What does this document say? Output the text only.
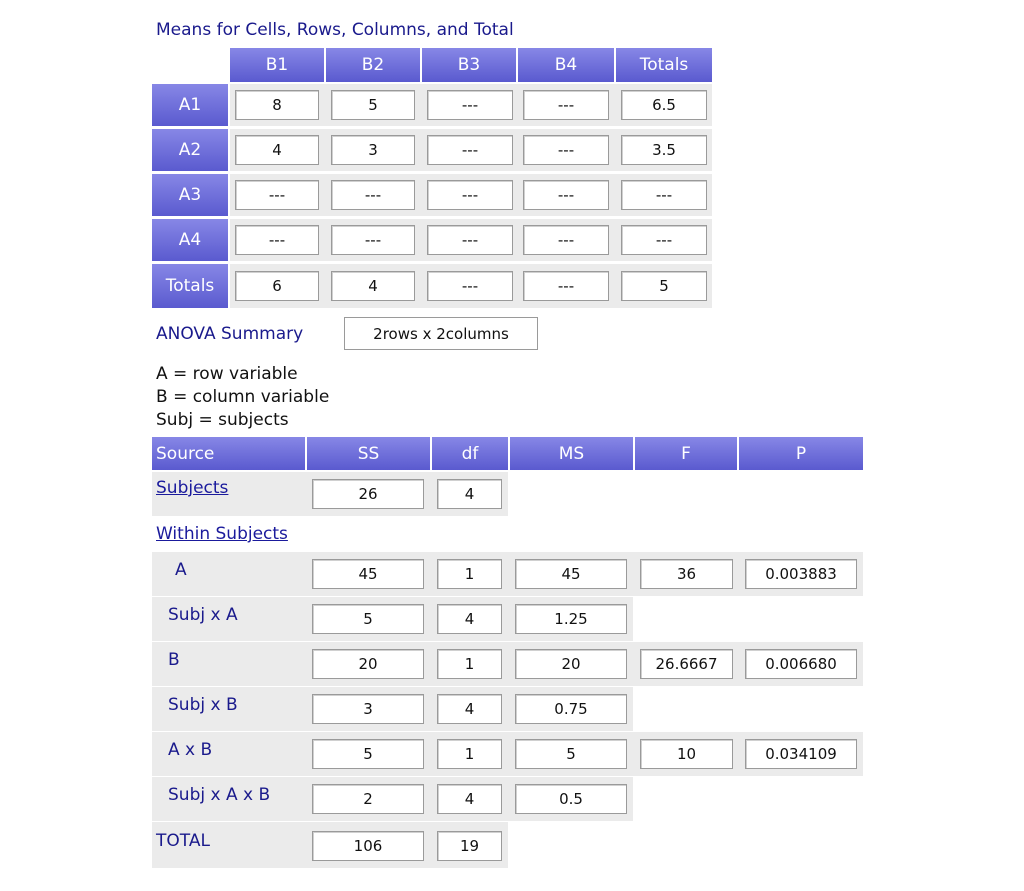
Means for Cells, Rows, Columns, and Total
B1	B2	B3	B4	Totals
A1	8	5	---	---	6.5
A2	4	3	---	---	3.5
A3	---	---	---	---	---
A4	---	---	---	---	---
Totals	6	4	---	---	5
ANOVA Summary	2rows x 2columns
A = row variable
B = column variable
Subj = subjects
Source	SS	df	MS	F	P
Subjects	26	4
Within Subjects
A	45	1	45	36	0.003883
Subj x A	5	4	1.25
B	20	1	20	26.6667	0.006680
Subj x B	3	4	0.75
A x B	5	1	5	10	0.034109
Subj x A x B	2	4	0.5
TOTAL	106	19
